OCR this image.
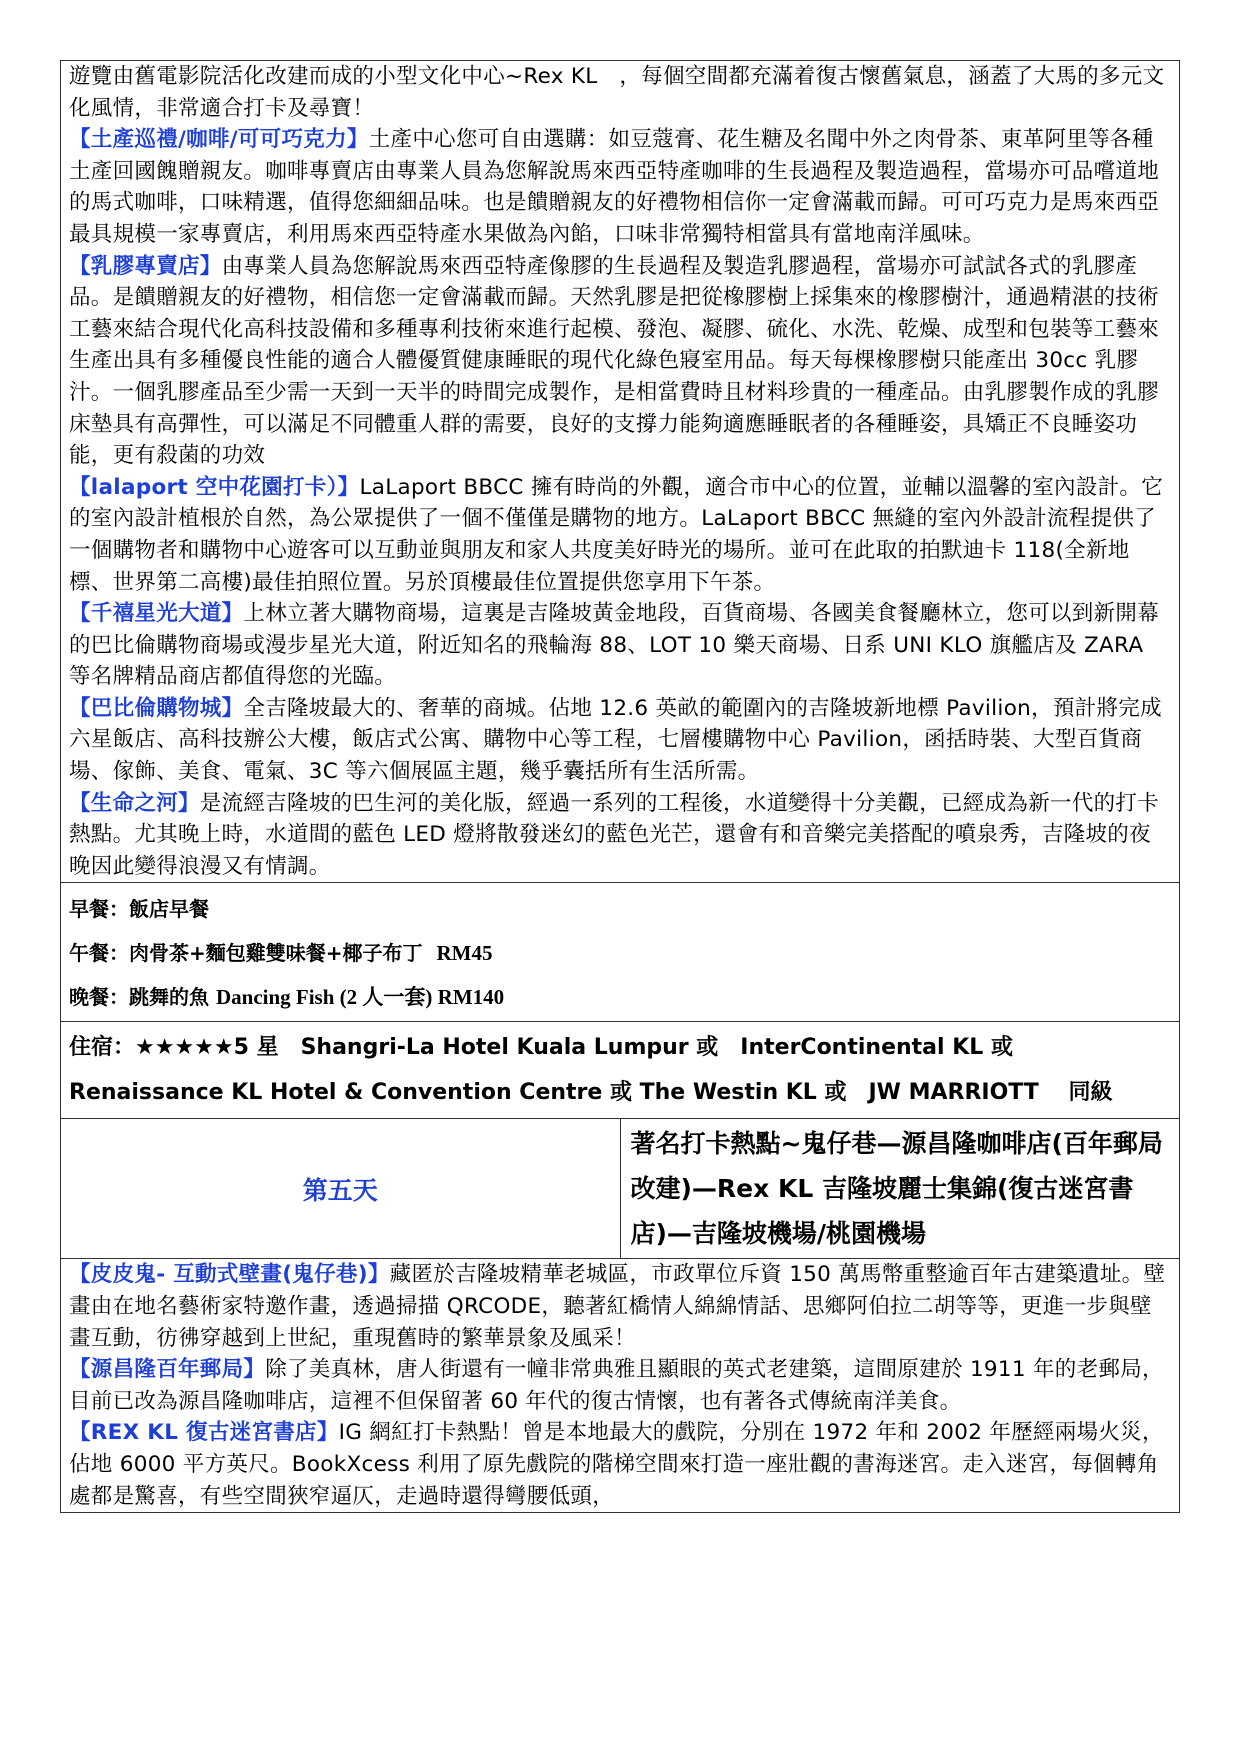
遊覽由舊電影院活化改建而成的小型文化中心~Rex KL　，每個空間都充滿着復古懷舊氣息，涵蓋了大馬的多元文化風情，非常適合打卡及尋寶！

【土產巡禮/咖啡/可可巧克力】土產中心您可自由選購：如豆蔻膏、花生糖及名聞中外之肉骨茶、東革阿里等各種土產回國餽贈親友。咖啡專賣店由專業人員為您解說馬來西亞特產咖啡的生長過程及製造過程，當場亦可品嚐道地的馬式咖啡，口味精選，值得您細細品味。也是饋贈親友的好禮物相信你一定會滿載而歸。可可巧克力是馬來西亞最具規模一家專賣店，利用馬來西亞特產水果做為內餡，口味非常獨特相當具有當地南洋風味。

【乳膠專賣店】由專業人員為您解說馬來西亞特產像膠的生長過程及製造乳膠過程，當場亦可試試各式的乳膠產品。是饋贈親友的好禮物，相信您一定會滿載而歸。天然乳膠是把從橡膠樹上採集來的橡膠樹汁，通過精湛的技術工藝來結合現代化高科技設備和多種專利技術來進行起模、發泡、凝膠、硫化、水洗、乾燥、成型和包裝等工藝來生產出具有多種優良性能的適合人體優質健康睡眠的現代化綠色寢室用品。每天每棵橡膠樹只能產出 30cc 乳膠汁。一個乳膠產品至少需一天到一天半的時間完成製作，是相當費時且材料珍貴的一種產品。由乳膠製作成的乳膠床墊具有高彈性，可以滿足不同體重人群的需要，良好的支撐力能夠適應睡眠者的各種睡姿，具矯正不良睡姿功能，更有殺菌的功效

【lalaport 空中花園打卡）】LaLaport BBCC 擁有時尚的外觀，適合市中心的位置，並輔以溫馨的室內設計。它的室內設計植根於自然，為公眾提供了一個不僅僅是購物的地方。LaLaport BBCC 無縫的室內外設計流程提供了一個購物者和購物中心遊客可以互動並與朋友和家人共度美好時光的場所。並可在此取的拍默迪卡 118(全新地標、世界第二高樓)最佳拍照位置。另於頂樓最佳位置提供您享用下午茶。

【千禧星光大道】上林立著大購物商場，這裏是吉隆坡黃金地段，百貨商場、各國美食餐廳林立，您可以到新開幕的巴比倫購物商場或漫步星光大道，附近知名的飛輪海 88、LOT 10 樂天商場、日系 UNI KLO 旗艦店及 ZARA 等名牌精品商店都值得您的光臨。

【巴比倫購物城】全吉隆坡最大的、奢華的商城。佔地 12.6 英畝的範圍內的吉隆坡新地標 Pavilion，預計將完成六星飯店、高科技辦公大樓，飯店式公寓、購物中心等工程，七層樓購物中心 Pavilion，函括時裝、大型百貨商場、傢飾、美食、電氣、3C 等六個展區主題，幾乎囊括所有生活所需。

【生命之河】是流經吉隆坡的巴生河的美化版，經過一系列的工程後，水道變得十分美觀，已經成為新一代的打卡熱點。尤其晚上時，水道間的藍色 LED 燈將散發迷幻的藍色光芒，還會有和音樂完美搭配的噴泉秀，吉隆坡的夜晚因此變得浪漫又有情調。

早餐：飯店早餐

午餐：肉骨茶+麵包雞雙味餐+椰子布丁 RM45

晚餐：跳舞的魚 Dancing Fish (2 人一套) RM140

住宿：★★★★★5 星　Shangri-La Hotel Kuala Lumpur 或　InterContinental KL 或　Renaissance KL Hotel & Convention Centre 或 The Westin KL 或　JW MARRIOTT　 同級
第五天	著名打卡熱點~鬼仔巷—源昌隆咖啡店(百年郵局改建)—Rex KL 吉隆坡麗士集錦(復古迷宮書店)—吉隆坡機場/桃園機場

【皮皮鬼- 互動式壁畫(鬼仔巷)】藏匿於吉隆坡精華老城區，市政單位斥資 150 萬馬幣重整逾百年古建築遺址。壁畫由在地名藝術家特邀作畫，透過掃描 QRCODE，聽著紅橋情人綿綿情話、思鄉阿伯拉二胡等等，更進一步與壁畫互動，彷彿穿越到上世紀，重現舊時的繁華景象及風采！

【源昌隆百年郵局】除了美真林，唐人街還有一幢非常典雅且顯眼的英式老建築，這間原建於 1911 年的老郵局，目前已改為源昌隆咖啡店，這裡不但保留著 60 年代的復古情懷，也有著各式傳統南洋美食。

【REX KL 復古迷宮書店】IG 網紅打卡熱點！曾是本地最大的戲院，分別在 1972 年和 2002 年歷經兩場火災，佔地 6000 平方英尺。BookXcess 利用了原先戲院的階梯空間來打造一座壯觀的書海迷宮。走入迷宮，每個轉角處都是驚喜，有些空間狹窄逼仄，走過時還得彎腰低頭，
